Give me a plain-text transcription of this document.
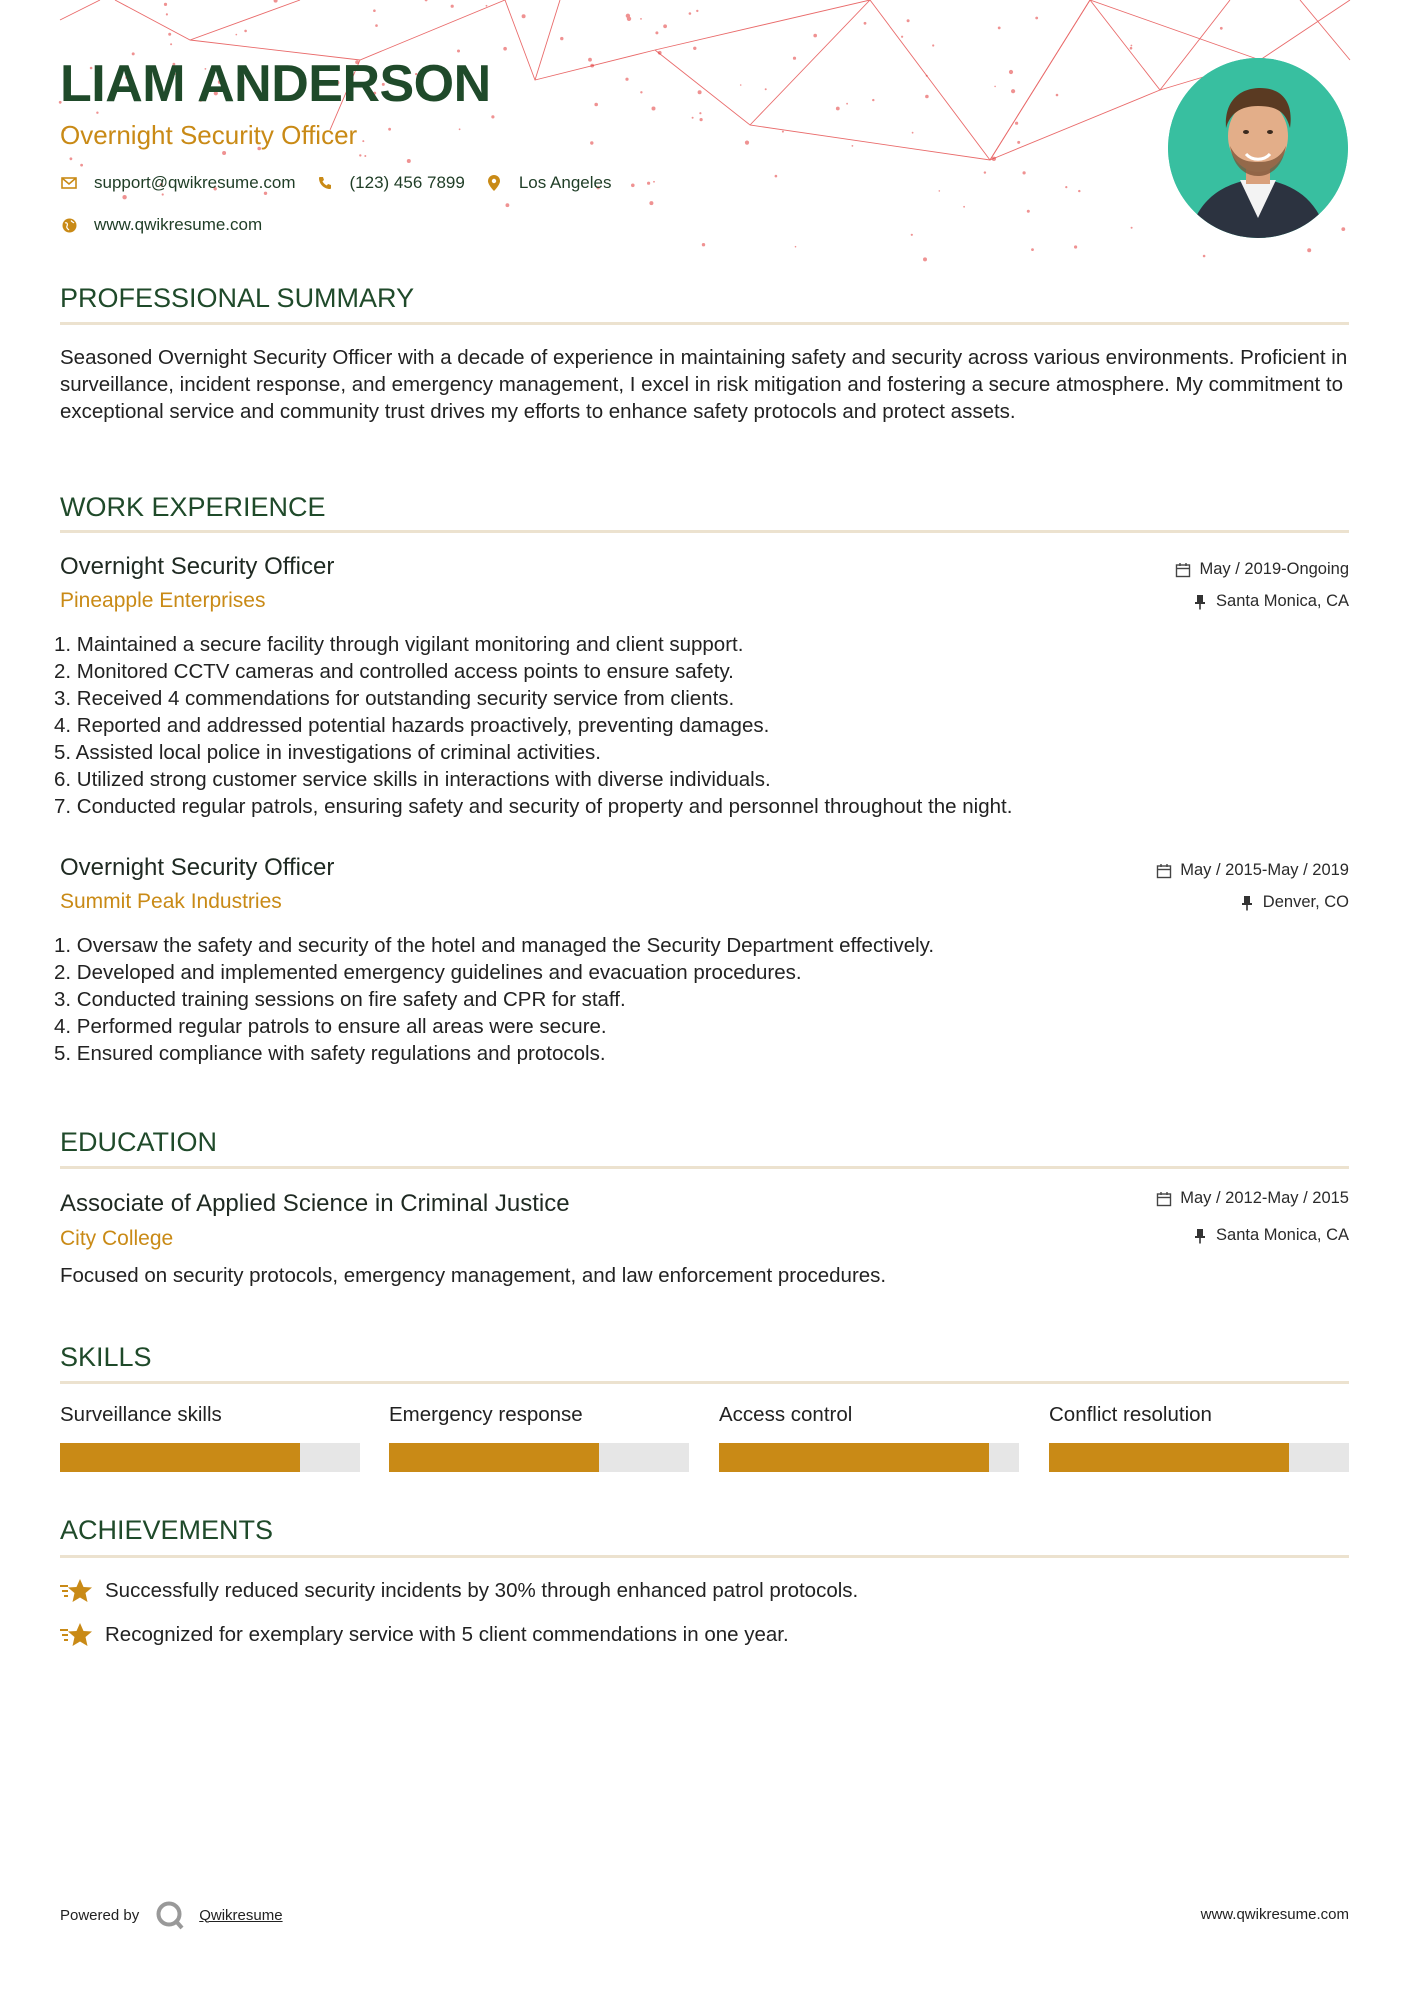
LIAM ANDERSON
Overnight Security Officer
support@qwikresume.com	(123) 456 7899	Los Angeles
www.qwikresume.com
PROFESSIONAL SUMMARY
Seasoned Overnight Security Officer with a decade of experience in maintaining safety and security across various environments. Proficient in surveillance, incident response, and emergency management, I excel in risk mitigation and fostering a secure atmosphere. My commitment to exceptional service and community trust drives my efforts to enhance safety protocols and protect assets.
WORK EXPERIENCE
Overnight Security Officer
Pineapple Enterprises
May / 2019-Ongoing
Santa Monica, CA
1. Maintained a secure facility through vigilant monitoring and client support.
2. Monitored CCTV cameras and controlled access points to ensure safety.
3. Received 4 commendations for outstanding security service from clients.
4. Reported and addressed potential hazards proactively, preventing damages.
5. Assisted local police in investigations of criminal activities.
6. Utilized strong customer service skills in interactions with diverse individuals.
7. Conducted regular patrols, ensuring safety and security of property and personnel throughout the night.
Overnight Security Officer
Summit Peak Industries
May / 2015-May / 2019
Denver, CO
1. Oversaw the safety and security of the hotel and managed the Security Department effectively.
2. Developed and implemented emergency guidelines and evacuation procedures.
3. Conducted training sessions on fire safety and CPR for staff.
4. Performed regular patrols to ensure all areas were secure.
5. Ensured compliance with safety regulations and protocols.
EDUCATION
Associate of Applied Science in Criminal Justice
City College
May / 2012-May / 2015
Santa Monica, CA
Focused on security protocols, emergency management, and law enforcement procedures.
SKILLS
Surveillance skills	Emergency response	Access control	Conflict resolution
ACHIEVEMENTS
Successfully reduced security incidents by 30% through enhanced patrol protocols.
Recognized for exemplary service with 5 client commendations in one year.
Powered by	Qwikresume	www.qwikresume.com
